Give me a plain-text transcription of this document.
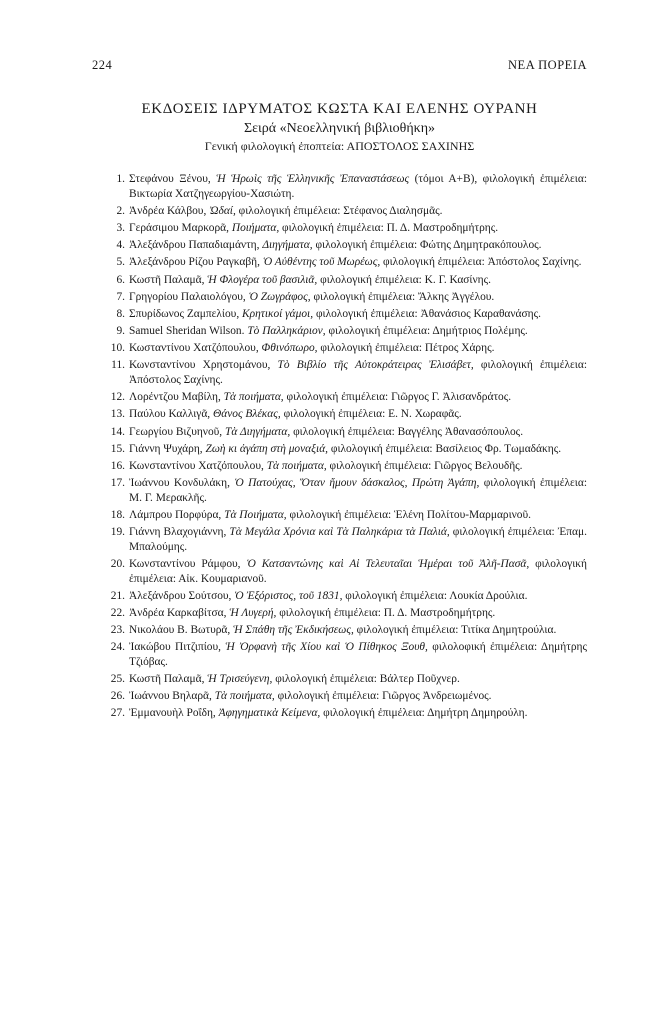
224	ΝΕΑ ΠΟΡΕΙΑ
ΕΚΔΟΣΕΙΣ ΙΔΡΥΜΑΤΟΣ ΚΩΣΤΑ ΚΑΙ ΕΛΕΝΗΣ ΟΥΡΑΝΗ
Σειρά «Νεοελληνική βιβλιοθήκη»
Γενική φιλολογική ἐποπτεία: ΑΠΟΣΤΟΛΟΣ ΣΑΧΙΝΗΣ
1. Στεφάνου Ξένου, Ἡ Ἡρωὶς τῆς Ἑλληνικῆς Ἐπαναστάσεως (τόμοι Α+Β), φιλολογική ἐπιμέλεια: Βικτωρία Χατζηγεωργίου-Χασιώτη.
2. Ἀνδρέα Κάλβου, Ὠδαί, φιλολογική ἐπιμέλεια: Στέφανος Διαλησμᾶς.
3. Γεράσιμου Μαρκορᾶ, Ποιήματα, φιλολογική ἐπιμέλεια: Π. Δ. Μαστροδημήτρης.
4. Ἀλεξάνδρου Παπαδιαμάντη, Διηγήματα, φιλολογική ἐπιμέλεια: Φώτης Δημητρακόπουλος.
5. Ἀλεξάνδρου Ρίζου Ραγκαβῆ, Ὁ Αὐθέντης τοῦ Μωρέως, φιλολογική ἐπιμέλεια: Ἀπόστολος Σαχίνης.
6. Κωστῆ Παλαμᾶ, Ἡ Φλογέρα τοῦ βασιλιᾶ, φιλολογική ἐπιμέλεια: Κ. Γ. Κασίνης.
7. Γρηγορίου Παλαιολόγου, Ὁ Ζωγράφος, φιλολογική ἐπιμέλεια: Ἄλκης Ἀγγέλου.
8. Σπυρίδωνος Ζαμπελίου, Κρητικοί γάμοι, φιλολογική ἐπιμέλεια: Ἀθανάσιος Καραθανάσης.
9. Samuel Sheridan Wilson. Τὸ Παλληκάριον, φιλολογική ἐπιμέλεια: Δημήτριος Πολέμης.
10. Κωσταντίνου Χατζόπουλου, Φθινόπωρο, φιλολογική ἐπιμέλεια: Πέτρος Χάρης.
11. Κωνσταντίνου Χρηστομάνου, Τὸ Βιβλίο τῆς Αὐτοκράτειρας Ἐλισάβετ, φιλολογική ἐπιμέλεια: Ἀπόστολος Σαχίνης.
12. Λορέντζου Μαβίλη, Τὰ ποιήματα, φιλολογική ἐπιμέλεια: Γιῶργος Γ. Ἀλισανδράτος.
13. Παύλου Καλλιγᾶ, Θάνος Βλέκας, φιλολογική ἐπιμέλεια: Ε. Ν. Χωραφᾶς.
14. Γεωργίου Βιζυηνοῦ, Τὰ Διηγήματα, φιλολογική ἐπιμέλεια: Βαγγέλης Ἀθανασόπουλος.
15. Γιάννη Ψυχάρη, Ζωὴ κι ἀγάπη στὴ μοναξιά, φιλολογική ἐπιμέλεια: Βασίλειος Φρ. Τωμαδάκης.
16. Κωνσταντίνου Χατζόπουλου, Τὰ ποιήματα, φιλολογική ἐπιμέλεια: Γιῶργος Βελουδῆς.
17. Ἰωάννου Κονδυλάκη, Ὁ Πατούχας, Ὅταν ἤμουν δάσκαλος, Πρώτη Ἀγάπη, φιλολογική ἐπιμέλεια: Μ. Γ. Μερακλῆς.
18. Λάμπρου Πορφύρα, Τὰ Ποιήματα, φιλολογική ἐπιμέλεια: Ἑλένη Πολίτου-Μαρμαρινοῦ.
19. Γιάννη Βλαχογιάννη, Τὰ Μεγάλα Χρόνια καὶ Τὰ Παληκάρια τὰ Παλιά, φιλολογική ἐπιμέλεια: Ἐπαμ. Μπαλούμης.
20. Κωνσταντίνου Ράμφου, Ὁ Κατσαντώνης καὶ Αἱ Τελευταῖαι Ἡμέραι τοῦ Ἀλῆ-Πασᾶ, φιλολογική ἐπιμέλεια: Αἰκ. Κουμαριανοῦ.
21. Ἀλεξάνδρου Σούτσου, Ὁ Ἐξόριστος, τοῦ 1831, φιλολογική ἐπιμέλεια: Λουκία Δρούλια.
22. Ἀνδρέα Καρκαβίτσα, Ἡ Λυγερή, φιλολογική ἐπιμέλεια: Π. Δ. Μαστροδημήτρης.
23. Νικολάου Β. Βωτυρᾶ, Ἡ Σπάθη τῆς Ἐκδικήσεως, φιλολογική ἐπιμέλεια: Τιτίκα Δημητρούλια.
24. Ἰακώβου Πιτζιπίου, Ἡ Ὀρφανὴ τῆς Χίου καὶ Ὁ Πίθηκος Ξουθ, φιλολοφική ἐπιμέλεια: Δημήτρης Τζιόβας.
25. Κωστῆ Παλαμᾶ, Ἡ Τρισεύγενη, φιλολογική ἐπιμέλεια: Βάλτερ Ποῦχνερ.
26. Ἰωάννου Βηλαρᾶ, Τὰ ποιήματα, φιλολογική ἐπιμέλεια: Γιῶργος Ἀνδρειωμένος.
27. Ἐμμανουὴλ Ροΐδη, Ἀφηγηματικὰ Κείμενα, φιλολογική ἐπιμέλεια: Δημήτρη Δημηρούλη.
